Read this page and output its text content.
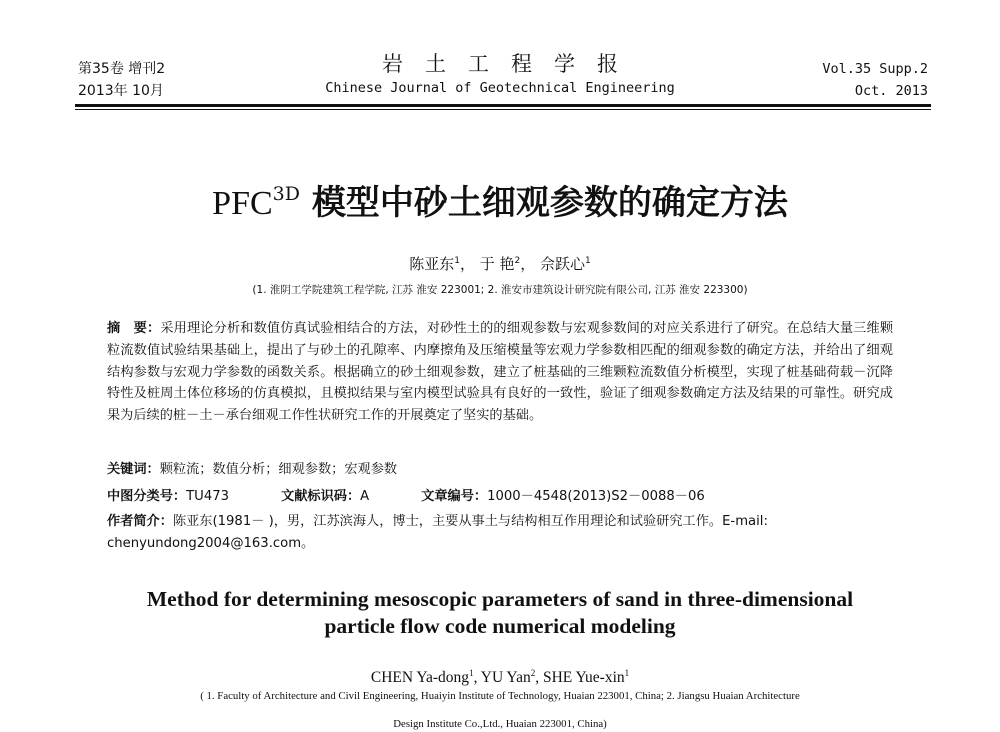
第35卷 增刊2
2013年 10月
岩土工程学报
Chinese Journal of Geotechnical Engineering
Vol.35 Supp.2
Oct. 2013
$PFC^{3D}$ 模型中砂土细观参数的确定方法
陈亚东$^1$， 于 艳$^2$， 佘跃心$^1$
(1. 淮阴工学院建筑工程学院, 江苏 淮安 223001; 2. 淮安市建筑设计研究院有限公司, 江苏 淮安 223300)
摘　要：采用理论分析和数值仿真试验相结合的方法，对砂性土的的细观参数与宏观参数间的对应关系进行了研究。在总结大量三维颗粒流数值试验结果基础上，提出了与砂土的孔隙率、内摩擦角及压缩模量等宏观力学参数相匹配的细观参数的确定方法，并给出了细观结构参数与宏观力学参数的函数关系。根据确立的砂土细观参数，建立了桩基础的三维颗粒流数值分析模型，实现了桩基础荷载－沉降特性及桩周土体位移场的仿真模拟，且模拟结果与室内模型试验具有良好的一致性，验证了细观参数确定方法及结果的可靠性。研究成果为后续的桩－土－承台细观工作性状研究工作的开展奠定了坚实的基础。
关键词：颗粒流；数值分析；细观参数；宏观参数
中图分类号：TU473	文献标识码：A	文章编号：1000－4548(2013)S2－0088－06
作者简介：陈亚东(1981－ )，男，江苏滨海人，博士，主要从事土与结构相互作用理论和试验研究工作。E-mail: chenyundong2004@163.com。
Method for determining mesoscopic parameters of sand in three-dimensional
particle flow code numerical modeling
CHEN Ya-dong$^1$, YU Yan$^2$, SHE Yue-xin$^1$
( 1. Faculty of Architecture and Civil Engineering, Huaiyin Institute of Technology, Huaian 223001, China; 2. Jiangsu Huaian Architecture
Design Institute Co.,Ltd., Huaian 223001, China)
